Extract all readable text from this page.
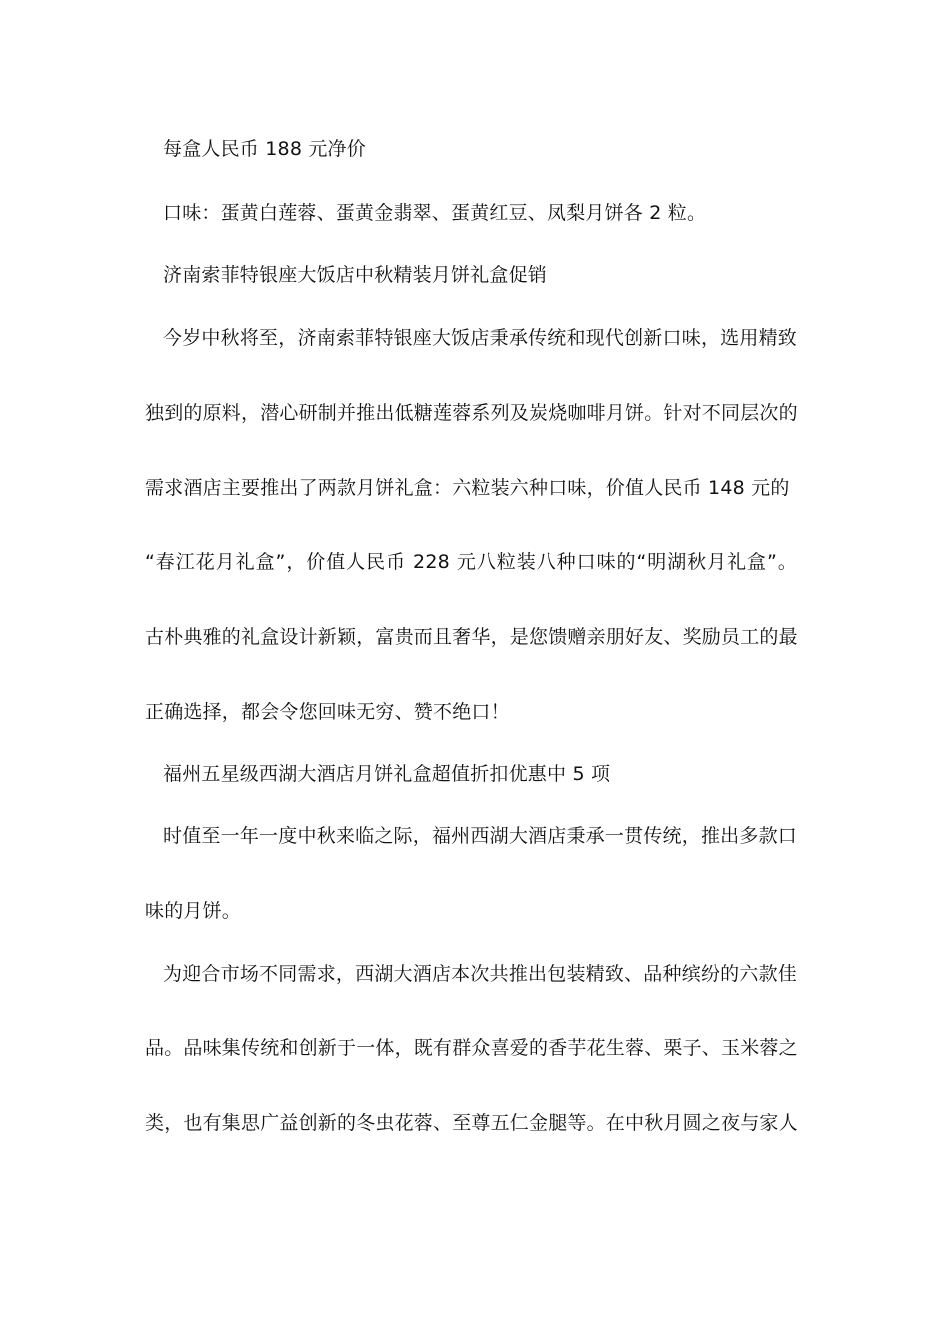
每盒人民币 188 元净价
口味：蛋黄白莲蓉、蛋黄金翡翠、蛋黄红豆、凤梨月饼各 2 粒。
济南索菲特银座大饭店中秋精装月饼礼盒促销
今岁中秋将至，济南索菲特银座大饭店秉承传统和现代创新口味，选用精致
独到的原料，潜心研制并推出低糖莲蓉系列及炭烧咖啡月饼。针对不同层次的
需求酒店主要推出了两款月饼礼盒：六粒装六种口味，价值人民币 148 元的
“春江花月礼盒”，价值人民币 228 元八粒装八种口味的“明湖秋月礼盒”。
古朴典雅的礼盒设计新颖，富贵而且奢华，是您馈赠亲朋好友、奖励员工的最
正确选择，都会令您回味无穷、赞不绝口！
福州五星级西湖大酒店月饼礼盒超值折扣优惠中 5 项
时值至一年一度中秋来临之际，福州西湖大酒店秉承一贯传统，推出多款口
味的月饼。
为迎合市场不同需求，西湖大酒店本次共推出包装精致、品种缤纷的六款佳
品。品味集传统和创新于一体，既有群众喜爱的香芋花生蓉、栗子、玉米蓉之
类，也有集思广益创新的冬虫花蓉、至尊五仁金腿等。在中秋月圆之夜与家人
